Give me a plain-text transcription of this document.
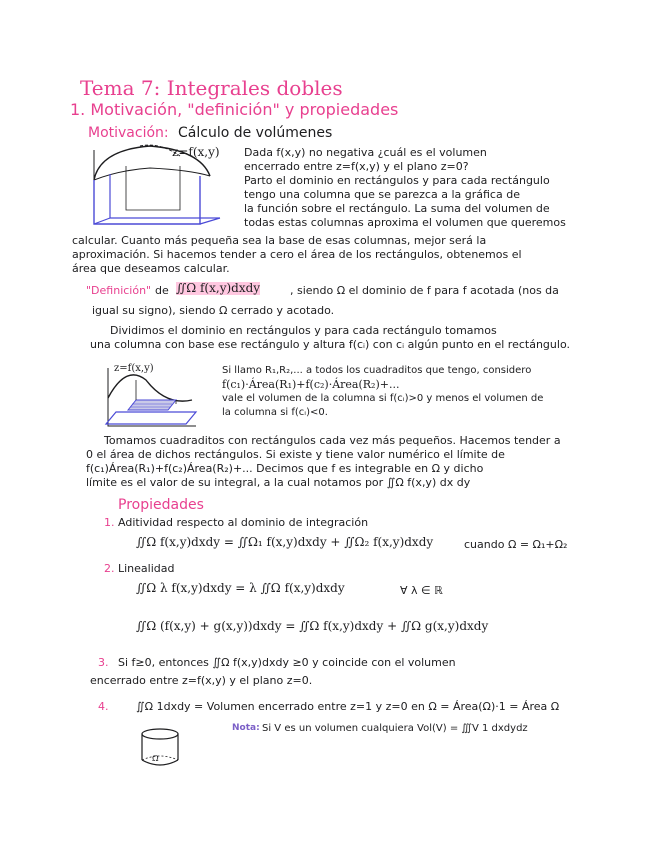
Tema 7: Integrales dobles
1. Motivación, "definición" y propiedades
Motivación: Cálculo de volúmenes
z=f(x,y) Dada f(x,y) no negativa ¿cuál es el volumen
encerrado entre z=f(x,y) y el plano z=0?
Parto el dominio en rectángulos y para cada rectángulo
tengo una columna que se parezca a la gráfica de
la función sobre el rectángulo. La suma del volumen de
todas estas columnas aproxima el volumen que queremos
calcular. Cuanto más pequeña sea la base de esas columnas, mejor será la
aproximación. Si hacemos tender a cero el área de los rectángulos, obtenemos el
área que deseamos calcular.
"Definición" de ∬Ω f(x,y)dxdy	, siendo Ω el dominio de f para f acotada (nos da
igual su signo), siendo Ω cerrado y acotado.
Dividimos el dominio en rectángulos y para cada rectángulo tomamos
una columna con base ese rectángulo y altura f(cᵢ) con cᵢ algún punto en el rectángulo.
z=f(x,y)	Si llamo R₁,R₂,... a todos los cuadraditos que tengo, considero
f(c₁)·Área(R₁)+f(c₂)·Área(R₂)+...
vale el volumen de la columna si f(cᵢ)>0 y menos el volumen de
la columna si f(cᵢ)<0.
Tomamos cuadraditos con rectángulos cada vez más pequeños. Hacemos tender a
0 el área de dichos rectángulos. Si existe y tiene valor numérico el límite de
f(c₁)Área(R₁)+f(c₂)Área(R₂)+... Decimos que f es integrable en Ω y dicho
límite es el valor de su integral, a la cual notamos por ∬Ω f(x,y) dx dy
Propiedades
1. Aditividad respecto al dominio de integración
∬Ω f(x,y)dxdy = ∬Ω₁ f(x,y)dxdy + ∬Ω₂ f(x,y)dxdy	cuando Ω = Ω₁+Ω₂
2. Linealidad
∬Ω λ f(x,y)dxdy = λ ∬Ω f(x,y)dxdy	∀ λ ∈ ℝ
∬Ω (f(x,y) + g(x,y))dxdy = ∬Ω f(x,y)dxdy + ∬Ω g(x,y)dxdy
3. Si f≥0, entonces ∬Ω f(x,y)dxdy ≥0 y coincide con el volumen
encerrado entre z=f(x,y) y el plano z=0.
4.	∬Ω 1dxdy = Volumen encerrado entre z=1 y z=0 en Ω = Área(Ω)·1 = Área Ω
Nota: Si V es un volumen cualquiera Vol(V) = ∭V 1 dxdydz
Ω
